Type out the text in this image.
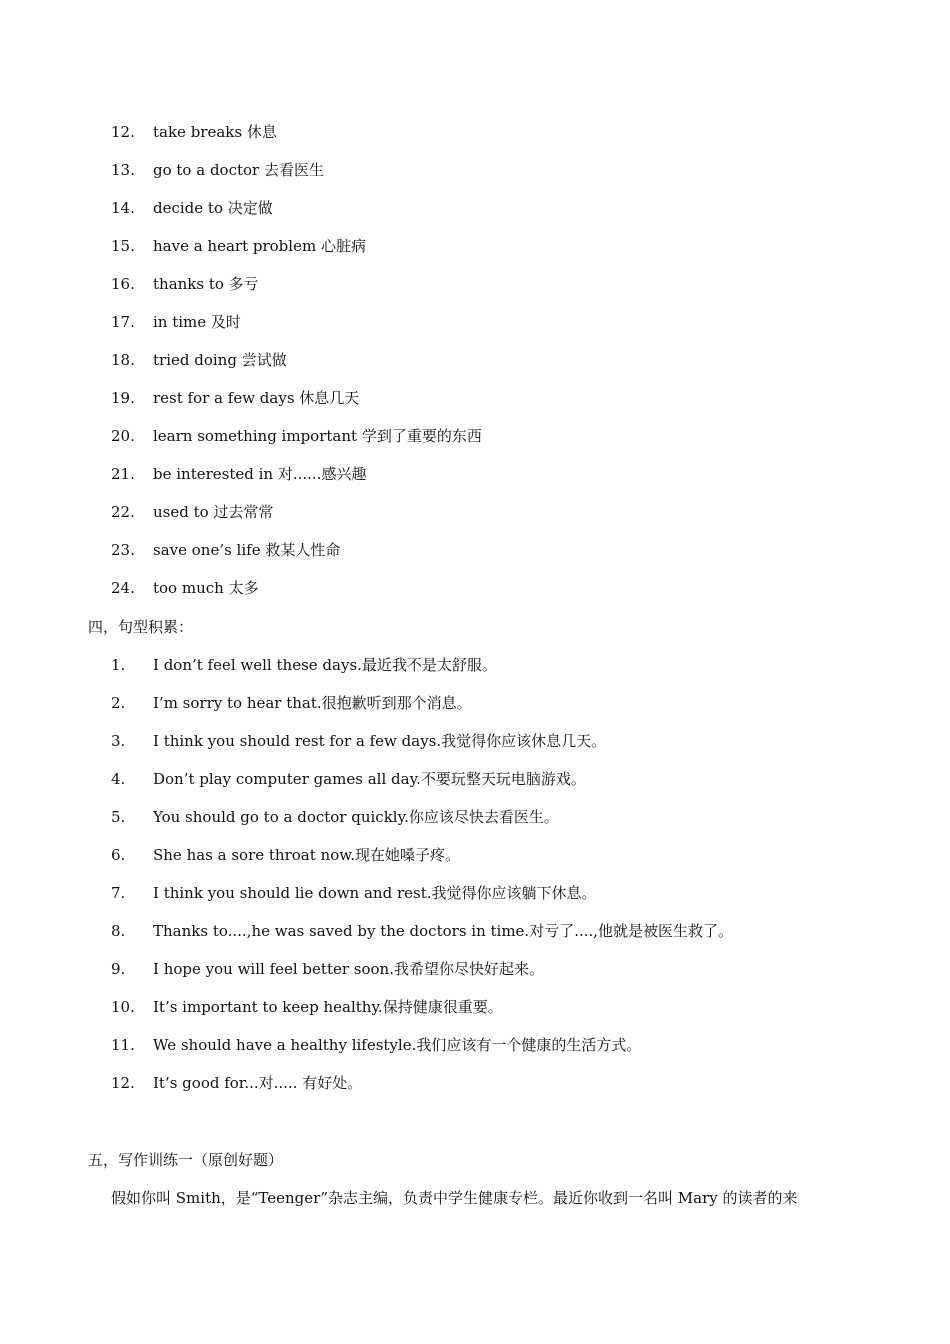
12. take breaks 休息
13. go to a doctor 去看医生
14. decide to 决定做
15. have a heart problem 心脏病
16. thanks to 多亏
17. in time 及时
18. tried doing 尝试做
19. rest for a few days 休息几天
20. learn something important 学到了重要的东西
21. be interested in 对......感兴趣
22. used to 过去常常
23. save one’s life 救某人性命
24. too much 太多
四，句型积累：
1. I don’t feel well these days.最近我不是太舒服。
2. I’m sorry to hear that.很抱歉听到那个消息。
3. I think you should rest for a few days.我觉得你应该休息几天。
4. Don’t play computer games all day.不要玩整天玩电脑游戏。
5. You should go to a doctor quickly.你应该尽快去看医生。
6. She has a sore throat now.现在她嗓子疼。
7. I think you should lie down and rest.我觉得你应该躺下休息。
8. Thanks to....,he was saved by the doctors in time.对亏了....,他就是被医生救了。
9. I hope you will feel better soon.我希望你尽快好起来。
10. It’s important to keep healthy.保持健康很重要。
11. We should have a healthy lifestyle.我们应该有一个健康的生活方式。
12. It’s good for...对..... 有好处。
五，写作训练一（原创好题）
假如你叫 Smith，是“Teenger”杂志主编，负责中学生健康专栏。最近你收到一名叫 Mary 的读者的来
